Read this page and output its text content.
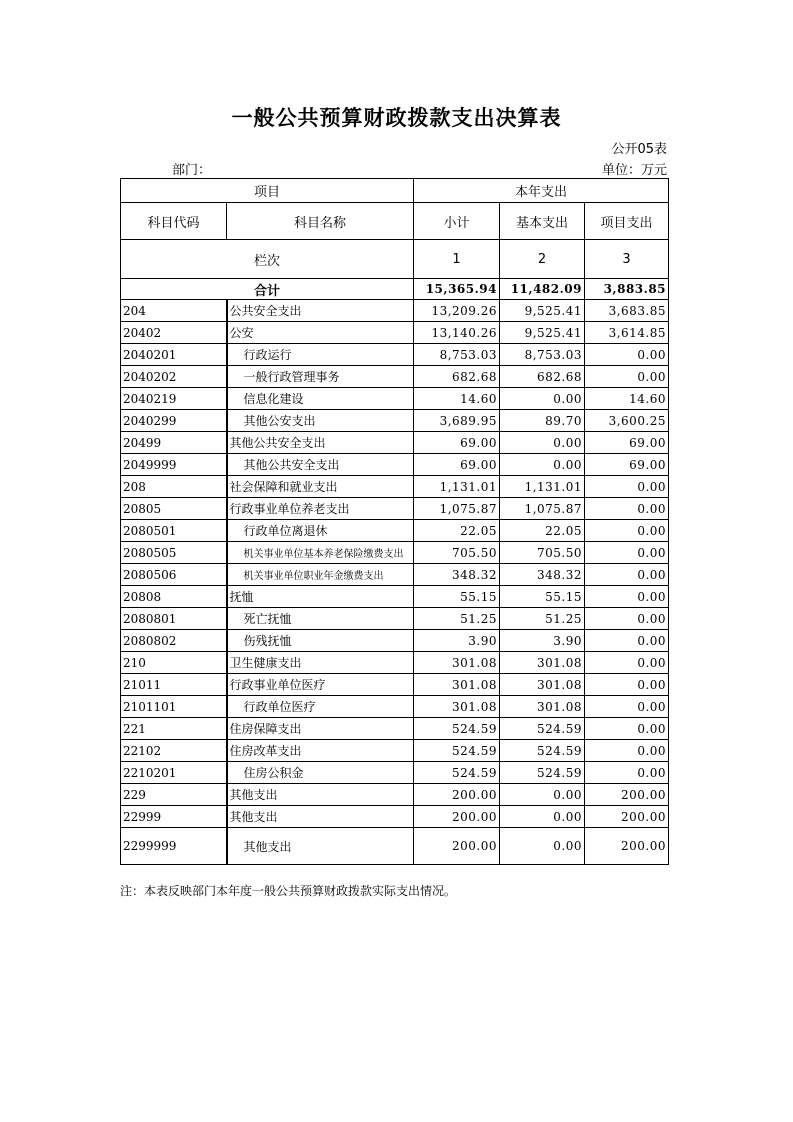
一般公共预算财政拨款支出决算表
公开05表
部门：	单位：万元
项目		本年支出		
科目代码	科目名称	小计	基本支出	项目支出
栏次		1	2	3
合计		15,365.94	11,482.09	3,883.85
204	公共安全支出	13,209.26	9,525.41	3,683.85
20402	公安	13,140.26	9,525.41	3,614.85
2040201	行政运行	8,753.03	8,753.03	0.00
2040202	一般行政管理事务	682.68	682.68	0.00
2040219	信息化建设	14.60	0.00	14.60
2040299	其他公安支出	3,689.95	89.70	3,600.25
20499	其他公共安全支出	69.00	0.00	69.00
2049999	其他公共安全支出	69.00	0.00	69.00
208	社会保障和就业支出	1,131.01	1,131.01	0.00
20805	行政事业单位养老支出	1,075.87	1,075.87	0.00
2080501	行政单位离退休	22.05	22.05	0.00
2080505	机关事业单位基本养老保险缴费支出	705.50	705.50	0.00
2080506	机关事业单位职业年金缴费支出	348.32	348.32	0.00
20808	抚恤	55.15	55.15	0.00
2080801	死亡抚恤	51.25	51.25	0.00
2080802	伤残抚恤	3.90	3.90	0.00
210	卫生健康支出	301.08	301.08	0.00
21011	行政事业单位医疗	301.08	301.08	0.00
2101101	行政单位医疗	301.08	301.08	0.00
221	住房保障支出	524.59	524.59	0.00
22102	住房改革支出	524.59	524.59	0.00
2210201	住房公积金	524.59	524.59	0.00
229	其他支出	200.00	0.00	200.00
22999	其他支出	200.00	0.00	200.00
2299999	其他支出	200.00	0.00	200.00
注：本表反映部门本年度一般公共预算财政拨款实际支出情况。
